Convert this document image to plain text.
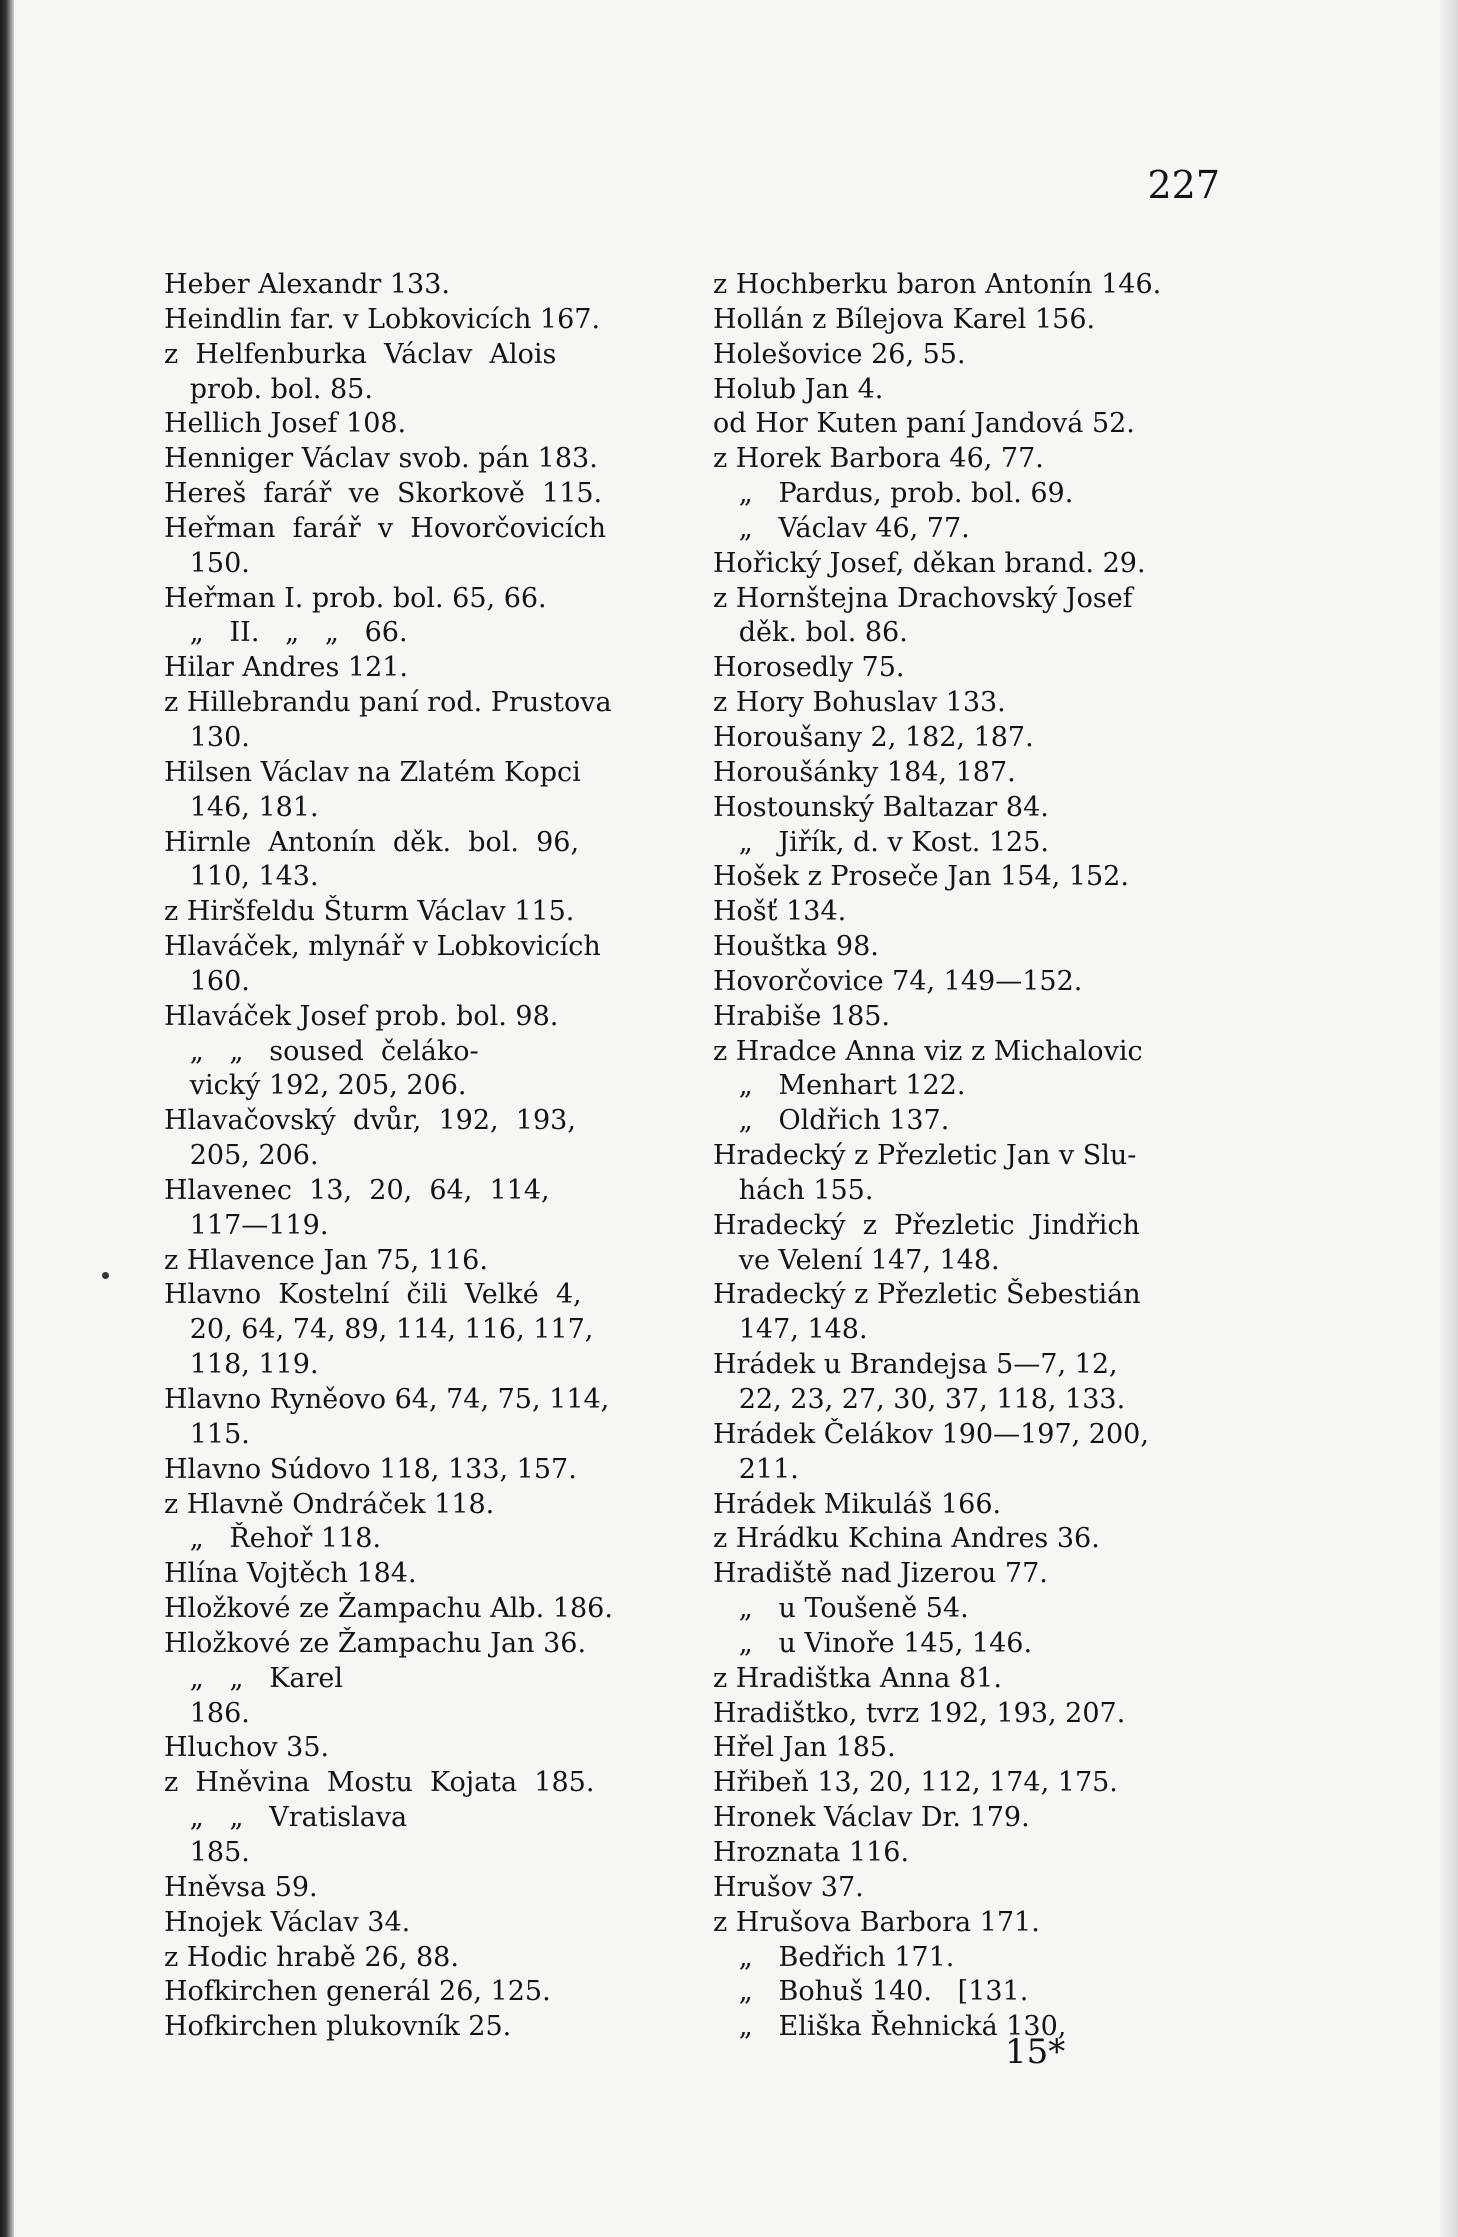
227
Heber Alexandr 133.
Heindlin far. v Lobkovicích 167.
z  Helfenburka  Václav  Alois
prob. bol. 85.
Hellich Josef 108.
Henniger Václav svob. pán 183.
Hereš  farář  ve  Skorkově  115.
Heřman  farář  v  Hovorčovicích
150.
Heřman I. prob. bol. 65, 66.
„   II.   „   „   66.
Hilar Andres 121.
z Hillebrandu paní rod. Prustova
130.
Hilsen Václav na Zlatém Kopci
146, 181.
Hirnle  Antonín  děk.  bol.  96,
110, 143.
z Hiršfeldu Šturm Václav 115.
Hlaváček, mlynář v Lobkovicích
160.
Hlaváček Josef prob. bol. 98.
„   „   soused  čeláko-
vický 192, 205, 206.
Hlavačovský  dvůr,  192,  193,
205, 206.
Hlavenec  13,  20,  64,  114,
117—119.
z Hlavence Jan 75, 116.
Hlavno  Kostelní  čili  Velké  4,
20, 64, 74, 89, 114, 116, 117,
118, 119.
Hlavno Ryněovo 64, 74, 75, 114,
115.
Hlavno Súdovo 118, 133, 157.
z Hlavně Ondráček 118.
„   Řehoř 118.
Hlína Vojtěch 184.
Hložkové ze Žampachu Alb. 186.
Hložkové ze Žampachu Jan 36.
„   „   Karel
186.
Hluchov 35.
z  Hněvina  Mostu  Kojata  185.
„   „   Vratislava
185.
Hněvsa 59.
Hnojek Václav 34.
z Hodic hrabě 26, 88.
Hofkirchen generál 26, 125.
Hofkirchen plukovník 25.
z Hochberku baron Antonín 146.
Hollán z Bílejova Karel 156.
Holešovice 26, 55.
Holub Jan 4.
od Hor Kuten paní Jandová 52.
z Horek Barbora 46, 77.
„   Pardus, prob. bol. 69.
„   Václav 46, 77.
Hořický Josef, děkan brand. 29.
z Hornštejna Drachovský Josef
děk. bol. 86.
Horosedly 75.
z Hory Bohuslav 133.
Horoušany 2, 182, 187.
Horoušánky 184, 187.
Hostounský Baltazar 84.
„   Jiřík, d. v Kost. 125.
Hošek z Proseče Jan 154, 152.
Hošť 134.
Houštka 98.
Hovorčovice 74, 149—152.
Hrabiše 185.
z Hradce Anna viz z Michalovic
„   Menhart 122.
„   Oldřich 137.
Hradecký z Přezletic Jan v Slu-
hách 155.
Hradecký  z  Přezletic  Jindřich
ve Velení 147, 148.
Hradecký z Přezletic Šebestián
147, 148.
Hrádek u Brandejsa 5—7, 12,
22, 23, 27, 30, 37, 118, 133.
Hrádek Čelákov 190—197, 200,
211.
Hrádek Mikuláš 166.
z Hrádku Kchina Andres 36.
Hradiště nad Jizerou 77.
„   u Toušeně 54.
„   u Vinoře 145, 146.
z Hradištka Anna 81.
Hradištko, tvrz 192, 193, 207.
Hřel Jan 185.
Hřibeň 13, 20, 112, 174, 175.
Hronek Václav Dr. 179.
Hroznata 116.
Hrušov 37.
z Hrušova Barbora 171.
„   Bedřich 171.
„   Bohuš 140.   [131.
„   Eliška Řehnická 130,
15*
